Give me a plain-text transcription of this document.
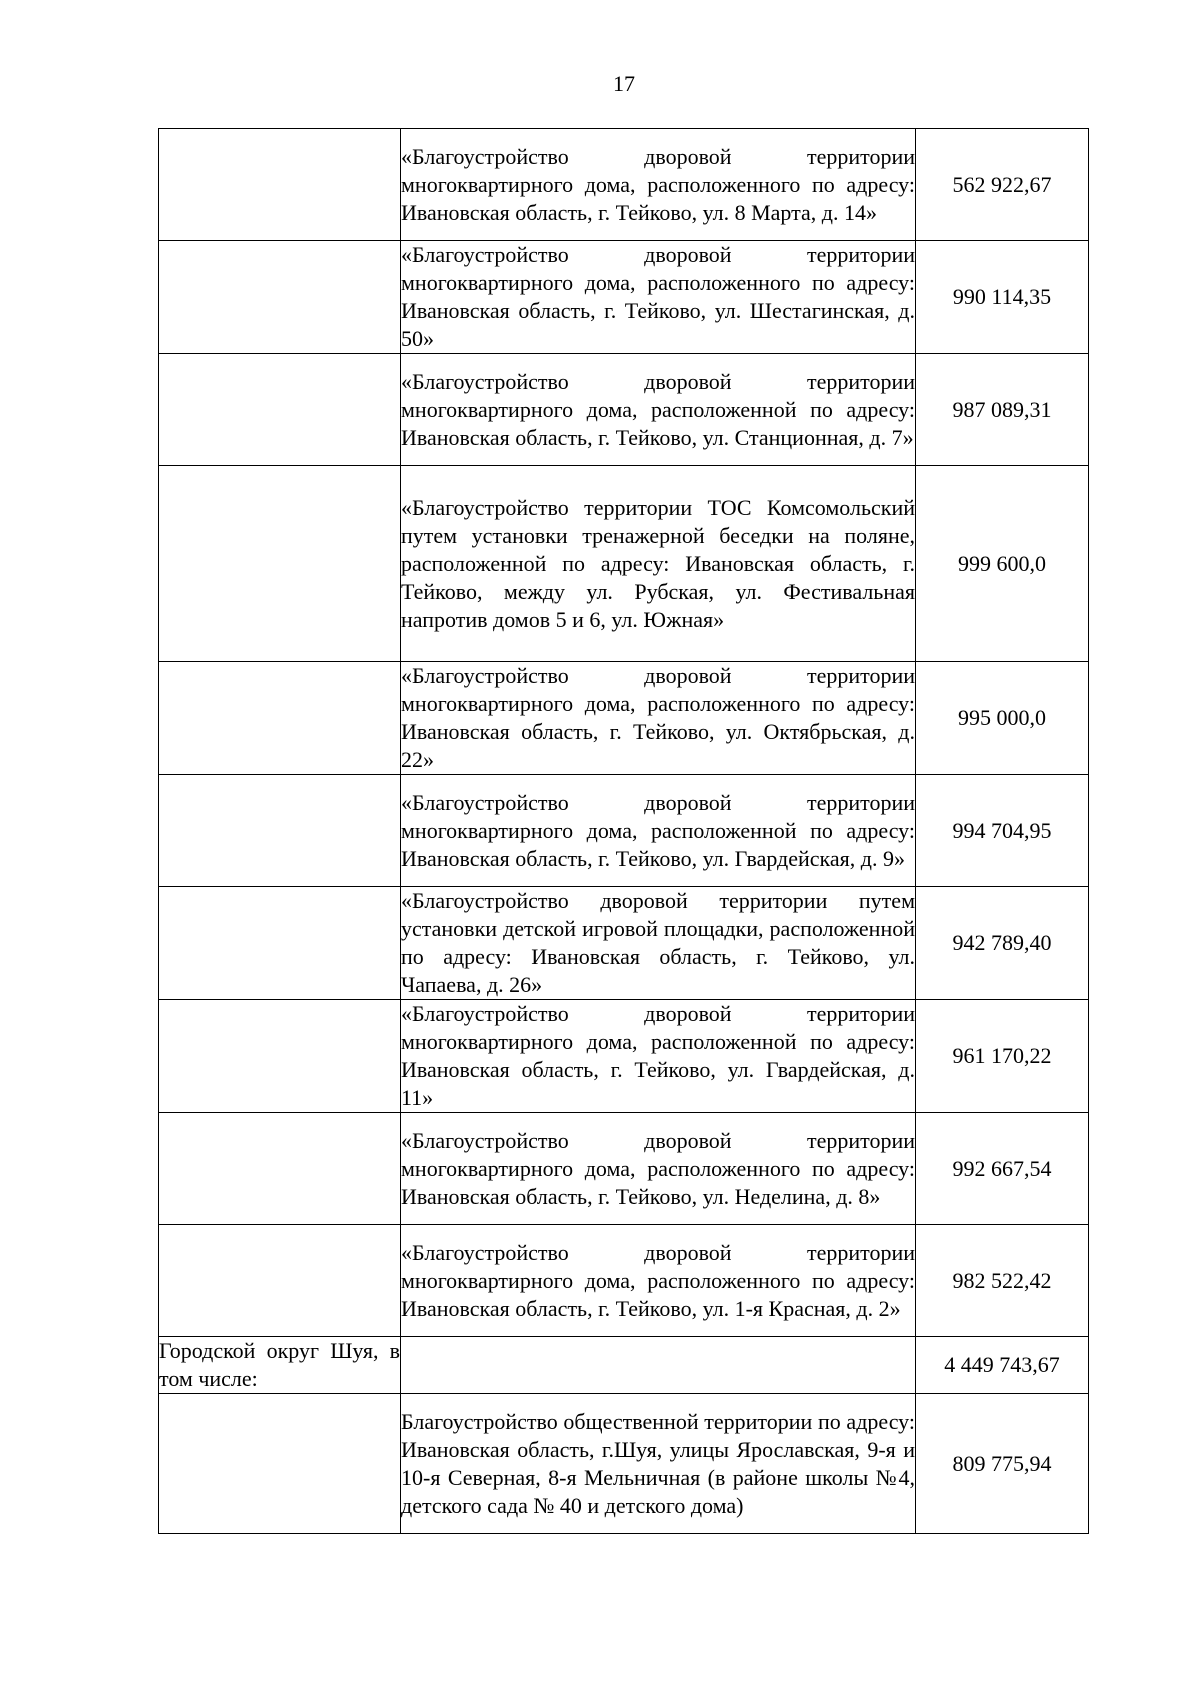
17
	«Благоустройство дворовой территории многоквартирного дома, расположенного по адресу: Ивановская область, г. Тейково, ул. 8 Марта, д. 14»	562 922,67
	«Благоустройство дворовой территории многоквартирного дома, расположенного по адресу: Ивановская область, г. Тейково, ул. Шестагинская, д. 50»	990 114,35
	«Благоустройство дворовой территории многоквартирного дома, расположенной по адресу: Ивановская область, г. Тейково, ул. Станционная, д. 7»	987 089,31
	«Благоустройство территории ТОС Комсомольский путем установки тренажерной беседки на поляне, расположенной по адресу: Ивановская область, г. Тейково, между ул. Рубская, ул. Фестивальная напротив домов 5 и 6, ул. Южная»	999 600,0
	«Благоустройство дворовой территории многоквартирного дома, расположенного по адресу: Ивановская область, г. Тейково, ул. Октябрьская, д. 22»	995 000,0
	«Благоустройство дворовой территории многоквартирного дома, расположенной по адресу: Ивановская область, г. Тейково, ул. Гвардейская, д. 9»	994 704,95
	«Благоустройство дворовой территории путем установки детской игровой площадки, расположенной по адресу: Ивановская область, г. Тейково, ул. Чапаева, д. 26»	942 789,40
	«Благоустройство дворовой территории многоквартирного дома, расположенной по адресу: Ивановская область, г. Тейково, ул. Гвардейская, д. 11»	961 170,22
	«Благоустройство дворовой территории многоквартирного дома, расположенного по адресу: Ивановская область, г. Тейково, ул. Неделина, д. 8»	992 667,54
	«Благоустройство дворовой территории многоквартирного дома, расположенного по адресу: Ивановская область, г. Тейково, ул. 1-я Красная, д. 2»	982 522,42
Городской округ Шуя, в том числе:		4 449 743,67
	Благоустройство общественной территории по адресу: Ивановская область, г.Шуя, улицы Ярославская, 9-я и 10-я Северная, 8-я Мельничная (в районе школы №4, детского сада № 40 и детского дома)	809 775,94
